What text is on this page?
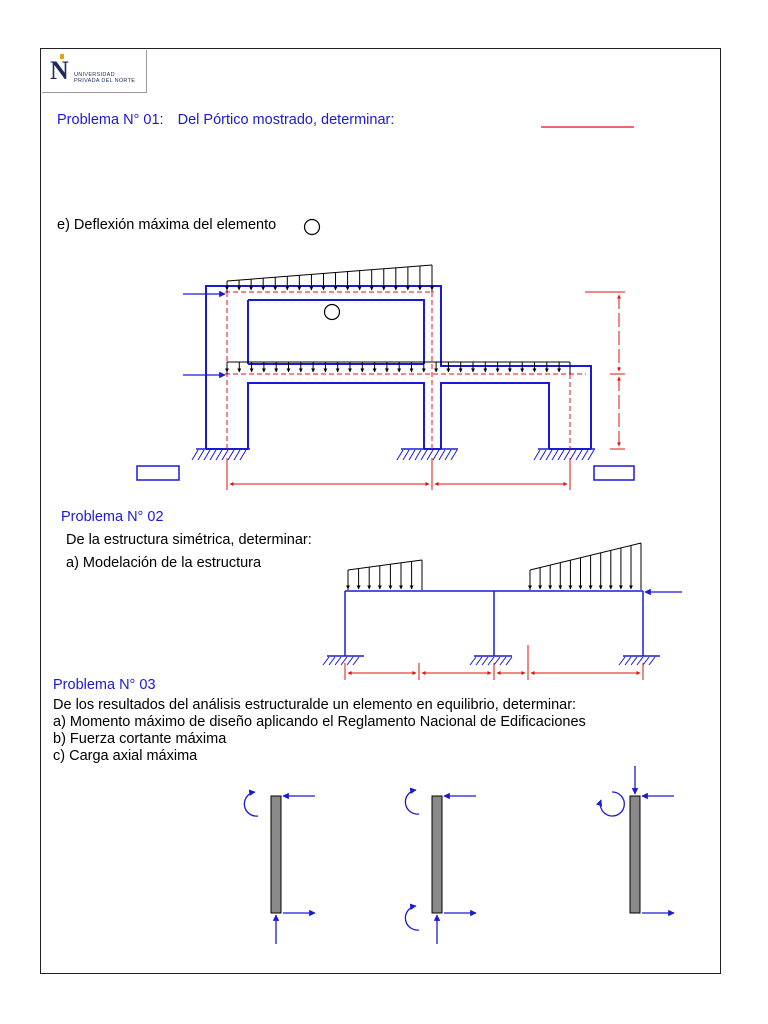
N UNIVERSIDAD
PRIVADA DEL NORTE
Problema N° 01: Del Pórtico mostrado, determinar:
e) Deflexión máxima del elemento
Problema N° 02
De la estructura simétrica, determinar:
a) Modelación de la estructura
Problema N° 03
De los resultados del análisis estructuralde un elemento en equilibrio, determinar:
a) Momento máximo de diseño aplicando el Reglamento Nacional de Edificaciones
b) Fuerza cortante máxima
c) Carga axial máxima
